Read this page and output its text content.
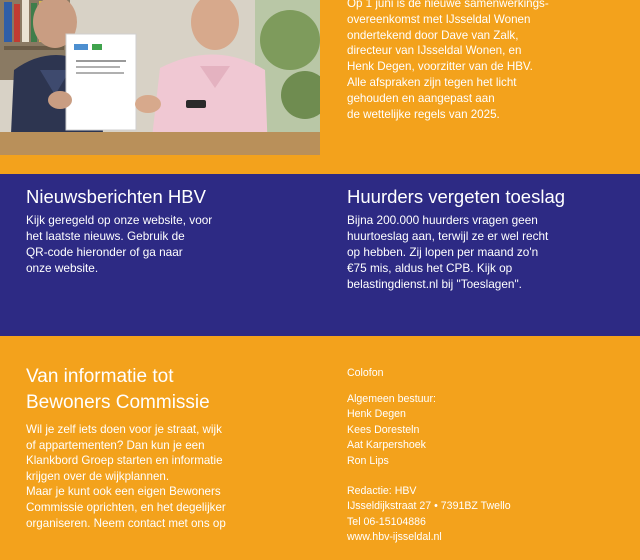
Op 1 juni is de nieuwe samenwerkings-
overeenkomst met IJsseldal Wonen
ondertekend door Dave van Zalk,
directeur van IJsseldal Wonen, en
Henk Degen, voorzitter van de HBV.
Alle afspraken zijn tegen het licht
gehouden en aangepast aan
de wettelijke regels van 2025.

Nieuwsberichten HBV

Kijk geregeld op onze website, voor
het laatste nieuws. Gebruik de
QR-code hieronder of ga naar
onze website.

Huurders vergeten toeslag

Bijna 200.000 huurders vragen geen
huurtoeslag aan, terwijl ze er wel recht
op hebben. Zij lopen per maand zo'n
€75 mis, aldus het CPB. Kijk op
belastingdienst.nl bij "Toeslagen".

Van informatie tot
Bewoners Commissie

Wil je zelf iets doen voor je straat, wijk
of appartementen? Dan kun je een
Klankbord Groep starten en informatie
krijgen over de wijkplannen.
Maar je kunt ook een eigen Bewoners
Commissie oprichten, en het degelijker
organiseren. Neem contact met ons op

Colofon

Algemeen bestuur:
Henk Degen
Kees Doresteln
Aat Karpershoek
Ron Lips

Redactie: HBV
IJsseldijkstraat 27 • 7391BZ Twello
Tel 06-15104886
www.hbv-ijsseldal.nl
